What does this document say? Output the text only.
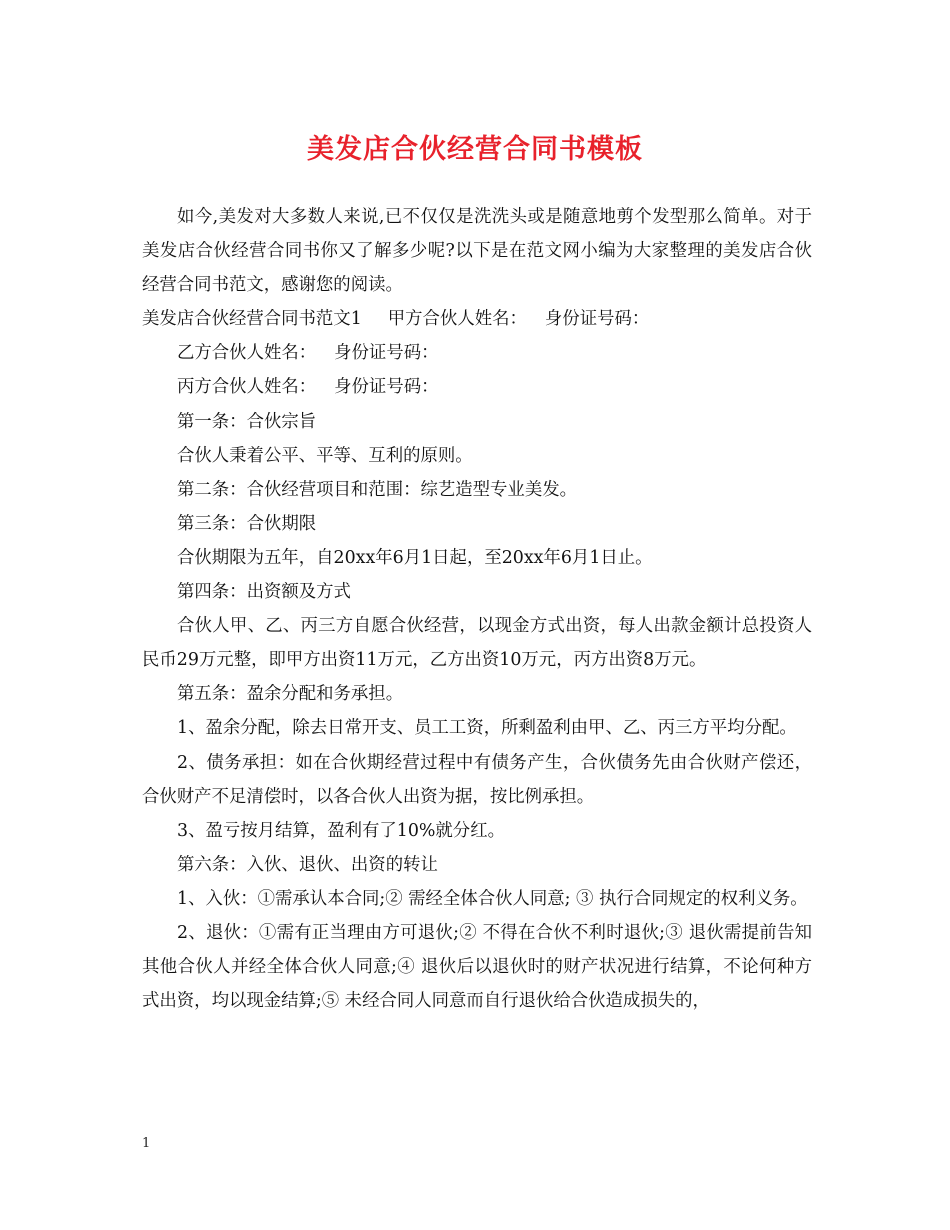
美发店合伙经营合同书模板

如今,美发对大多数人来说,已不仅仅是洗洗头或是随意地剪个发型那么简单。对于美发店合伙经营合同书你又了解多少呢?以下是在范文网小编为大家整理的美发店合伙经营合同书范文，感谢您的阅读。

美发店合伙经营合同书范文1 甲方合伙人姓名： 身份证号码：

乙方合伙人姓名： 身份证号码：

丙方合伙人姓名： 身份证号码：

第一条：合伙宗旨

合伙人秉着公平、平等、互利的原则。

第二条：合伙经营项目和范围：综艺造型专业美发。

第三条：合伙期限

合伙期限为五年，自20xx年6月1日起，至20xx年6月1日止。

第四条：出资额及方式

合伙人甲、乙、丙三方自愿合伙经营，以现金方式出资，每人出款金额计总投资人民币29万元整，即甲方出资11万元，乙方出资10万元，丙方出资8万元。

第五条：盈余分配和务承担。

1、盈余分配，除去日常开支、员工工资，所剩盈利由甲、乙、丙三方平均分配。

2、债务承担：如在合伙期经营过程中有债务产生，合伙债务先由合伙财产偿还，合伙财产不足清偿时，以各合伙人出资为据，按比例承担。

3、盈亏按月结算，盈利有了10%就分红。

第六条：入伙、退伙、出资的转让

1、入伙：①需承认本合同;② 需经全体合伙人同意; ③ 执行合同规定的权利义务。

2、退伙：①需有正当理由方可退伙;② 不得在合伙不利时退伙;③ 退伙需提前告知其他合伙人并经全体合伙人同意;④ 退伙后以退伙时的财产状况进行结算，不论何种方式出资，均以现金结算;⑤ 未经合同人同意而自行退伙给合伙造成损失的，

1
